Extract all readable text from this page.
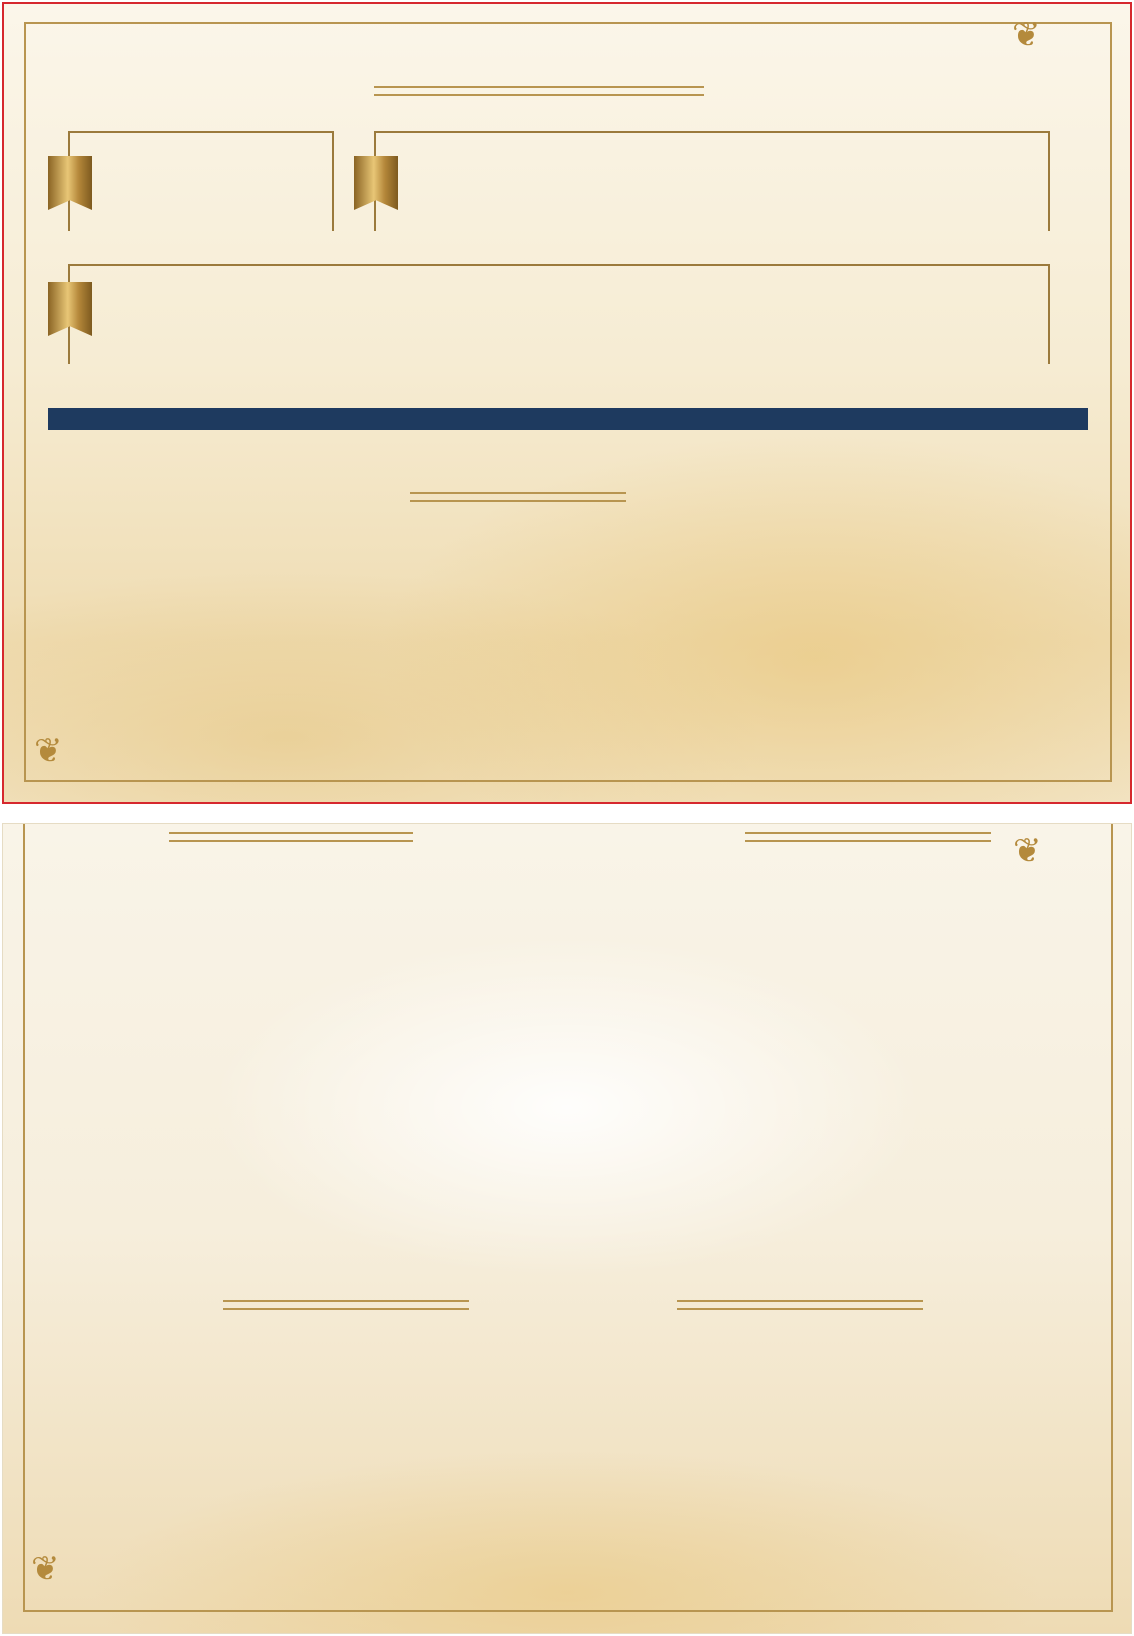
❦
❦
❦
❦
